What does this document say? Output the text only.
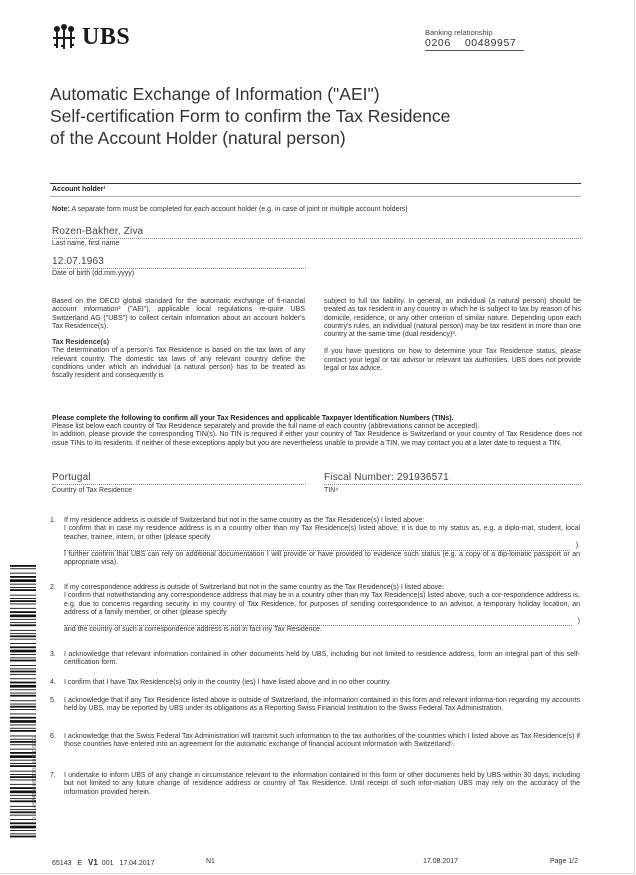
UBS	Banking relationship
0206    00489957
Automatic Exchange of Information ("AEI")
Self-certification Form to confirm the Tax Residence
of the Account Holder (natural person)
Account holder¹
Note: A separate form must be completed for each account holder (e.g. in case of joint or multiple account holders)
Rozen-Bakher, Ziva
Last name, first name
12.07.1963
Date of birth (dd.mm.yyyy)
Based on the OECD global standard for the automatic exchange of fi-nancial account information² ("AEI"), applicable local regulations re-quire UBS Switzerland AG ("UBS") to collect certain information about an account holder's Tax Residence(s).
Tax Residence(s)
The determination of a person's Tax Residence is based on the tax laws of any relevant country. The domestic tax laws of any relevant country define the conditions under which an individual (a natural person) has to be treated as fiscally resident and consequently is
subject to full tax liability. In general, an individual (a natural person) should be treated as tax resident in any country in which he is subject to tax by reason of his domicile, residence, or any other criterion of similar nature. Depending upon each country's rules, an individual (natural person) may be tax resident in more than one country at the same time (dual residency)³.
If you have questions on how to determine your Tax Residence status, please contact your legal or tax advisor or relevant tax authorities. UBS does not provide legal or tax advice.
Please complete the following to confirm all your Tax Residences and applicable Taxpayer Identification Numbers (TINs).
Please list below each country of Tax Residence separately and provide the full name of each country (abbreviations cannot be accepted).
In addition, please provide the corresponding TIN(s). No TIN is required if either your country of Tax Residence is Switzerland or your country of Tax Residence does not issue TINs to its residents. If neither of these exceptions apply but you are nevertheless unable to provide a TIN, we may contact you at a later date to request a TIN.
Portugal
Country of Tax Residence
Fiscal Number: 291936571
TIN⁴
1.	If my residence address is outside of Switzerland but not in the same country as the Tax Residence(s) I listed above:
I confirm that in case my residence address is in a country other than my Tax Residence(s) listed above, it is due to my status as, e.g. a diplo-mat, student, local teacher, trainee, intern, or other (please specify
).
I further confirm that UBS can rely on additional documentation I will provide or have provided to evidence such status (e.g. a copy of a dip-lomatic passport or an appropriate visa).
2.	If my correspondence address is outside of Switzerland but not in the same country as the Tax Residence(s) I listed above:
I confirm that notwithstanding any correspondence address that may be in a country other than my Tax Residence(s) listed above, such a cor-respondence address is, e.g. due to concerns regarding security in my country of Tax Residence, for purposes of sending correspondence to an advisor, a temporary holiday location, an address of a family member, or other (please specify
)
and the country of such a correspondence address is not in fact my Tax Residence.
3.	I acknowledge that relevant information contained in other documents held by UBS, including but not limited to residence address, form an integral part of this self-certification form.
4.	I confirm that I have Tax Residence(s) only in the country (ies) I have listed above and in no other country.
5.	I acknowledge that if any Tax Residence listed above is outside of Switzerland, the information contained in this form and relevant informa-tion regarding my accounts held by UBS, may be reported by UBS under its obligations as a Reporting Swiss Financial Institution to the Swiss Federal Tax Administration.
6.	I acknowledge that the Swiss Federal Tax Administration will transmit such information to the tax authorities of the countries which I listed above as Tax Residence(s) if those countries have entered into an agreement for the automatic exchange of financial account information with Switzerland⁵.
7.	I undertake to inform UBS of any change in circumstance relevant to the information contained in this form or other documents held by UBS within 30 days, including but not limited to any future change of residence address or country of Tax Residence. Until receipt of such infor-mation UBS may rely on the accuracy of the information provided herein.
0101657400400017083017OS022
65143 E V1 001 17.04.2017	N1	17.08.2017	Page 1/2
